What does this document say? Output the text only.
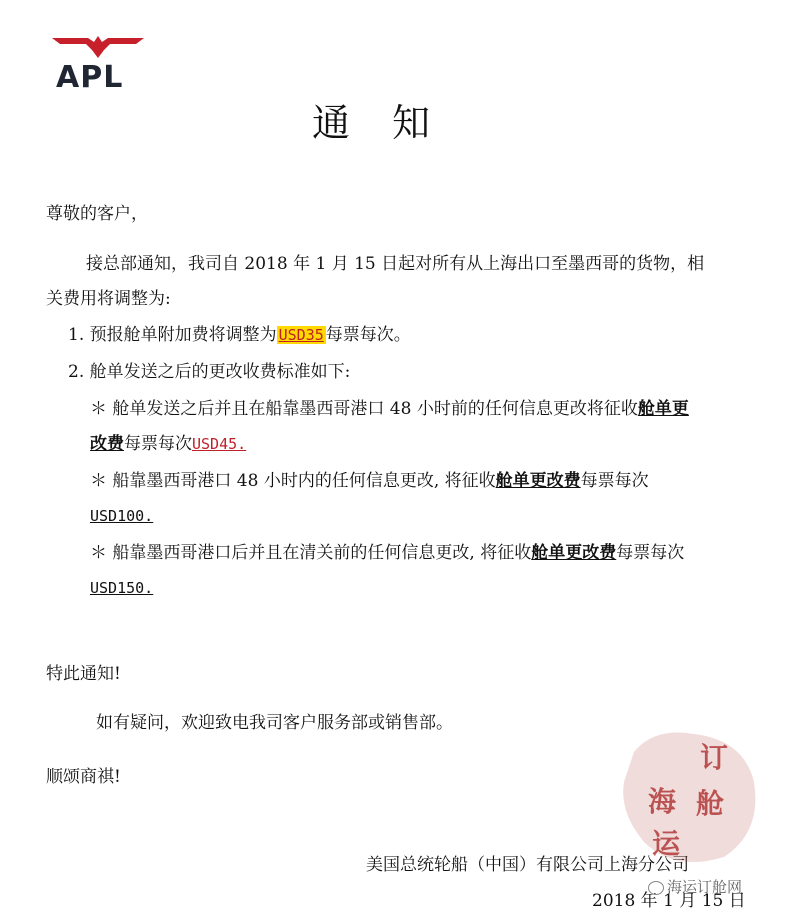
APL
通　知
尊敬的客户，
接总部通知，我司自 2018 年 1 月 15 日起对所有从上海出口至墨西哥的货物，相
关费用将调整为:
1. 预报舱单附加费将调整为 USD35 每票每次。
2. 舱单发送之后的更改收费标准如下:
＊ 舱单发送之后并且在船靠墨西哥港口 48 小时前的任何信息更改将征收舱单更
改费每票每次USD45.
＊ 船靠墨西哥港口 48 小时内的任何信息更改, 将征收舱单更改费每票每次
USD100.
＊ 船靠墨西哥港口后并且在清关前的任何信息更改, 将征收舱单更改费每票每次
USD150.
特此通知!
如有疑问，欢迎致电我司客户服务部或销售部。
顺颂商祺!
美国总统轮船（中国）有限公司上海分公司
2018 年 1 月 15 日
订
舱
海
运
海运订舱网
